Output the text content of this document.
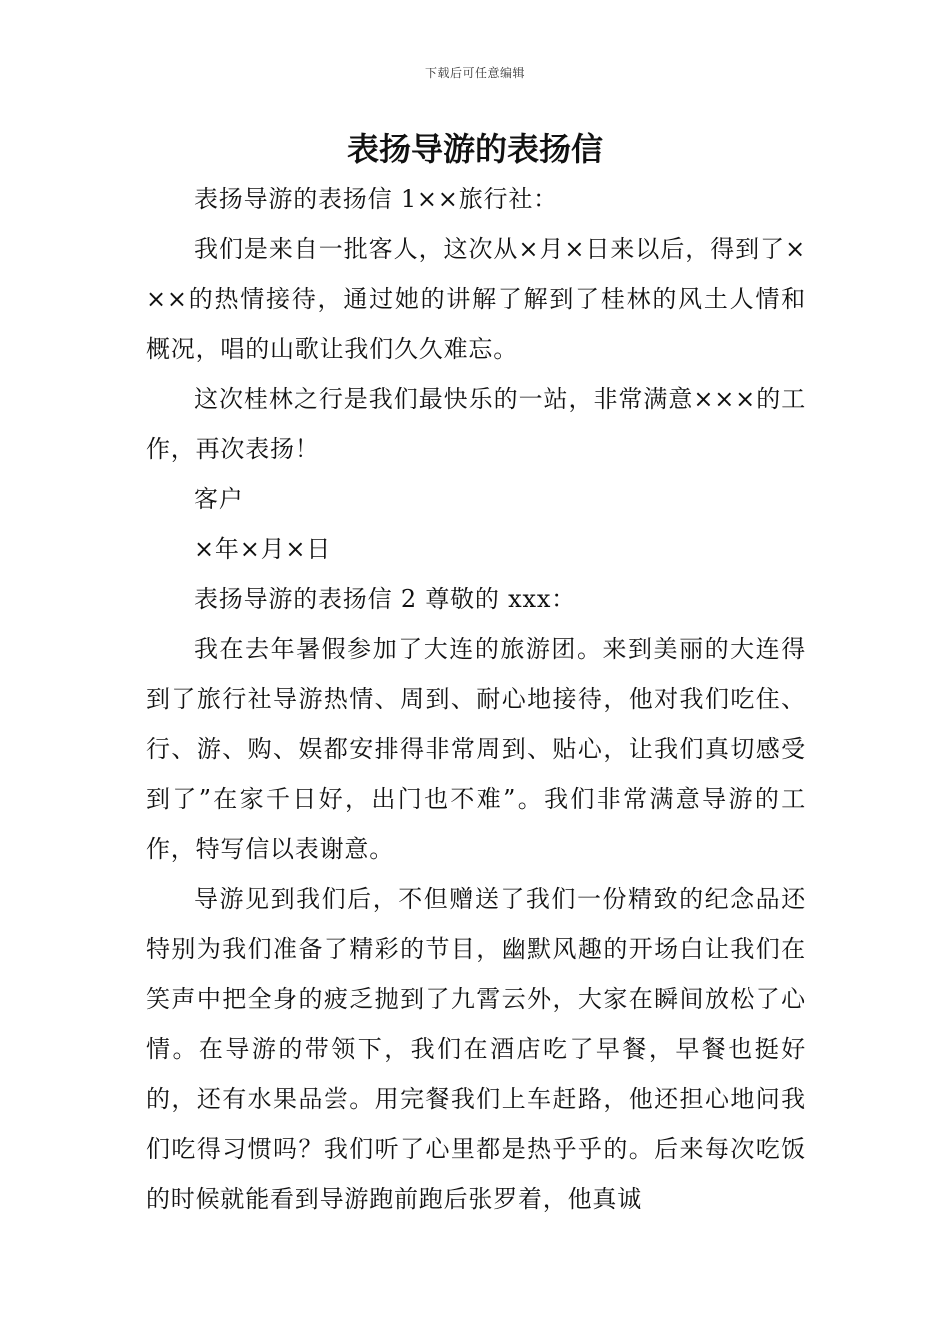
下载后可任意编辑
表扬导游的表扬信

表扬导游的表扬信 1××旅行社：

我们是来自一批客人，这次从×月×日来以后，得到了×××的热情接待，通过她的讲解了解到了桂林的风土人情和概况，唱的山歌让我们久久难忘。

这次桂林之行是我们最快乐的一站，非常满意×××的工作，再次表扬！

客户

×年×月×日

表扬导游的表扬信 2 尊敬的 xxx：

我在去年暑假参加了大连的旅游团。来到美丽的大连得到了旅行社导游热情、周到、耐心地接待，他对我们吃住、行、游、购、娱都安排得非常周到、贴心，让我们真切感受到了”在家千日好，出门也不难”。我们非常满意导游的工作，特写信以表谢意。

导游见到我们后，不但赠送了我们一份精致的纪念品还特别为我们准备了精彩的节目，幽默风趣的开场白让我们在笑声中把全身的疲乏抛到了九霄云外，大家在瞬间放松了心情。在导游的带领下，我们在酒店吃了早餐，早餐也挺好的，还有水果品尝。用完餐我们上车赶路，他还担心地问我们吃得习惯吗？我们听了心里都是热乎乎的。后来每次吃饭的时候就能看到导游跑前跑后张罗着，他真诚
